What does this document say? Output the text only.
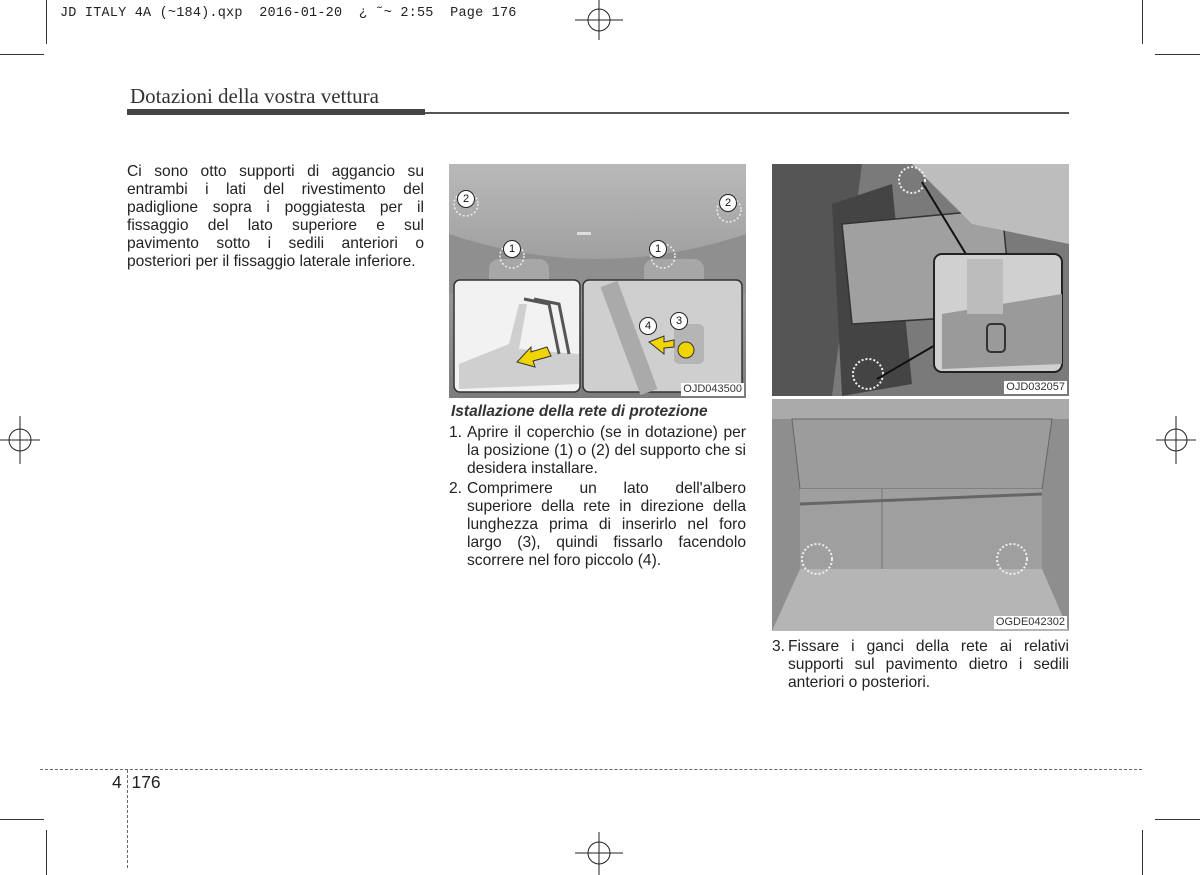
JD ITALY 4A (~184).qxp  2016-01-20  ¿ ˜~ 2:55  Page 176
Dotazioni della vostra vettura
Ci sono otto supporti di aggancio su entrambi i lati del rivestimento del padiglione sopra i poggiatesta per il fissaggio del lato superiore e sul pavimento sotto i sedili anteriori o posteriori per il fissaggio laterale inferiore.
2	2
1	1
4	3
OJD043500
Istallazione della rete di protezione
1. Aprire il coperchio (se in dotazione) per la posizione (1) o (2) del supporto che si desidera installare.
2. Comprimere un lato dell'albero superiore della rete in direzione della lunghezza prima di inserirlo nel foro largo (3), quindi fissarlo facendolo scorrere nel foro piccolo (4).
OJD032057
OGDE042302
3. Fissare i ganci della rete ai relativi supporti sul pavimento dietro i sedili anteriori o posteriori.
4  176
